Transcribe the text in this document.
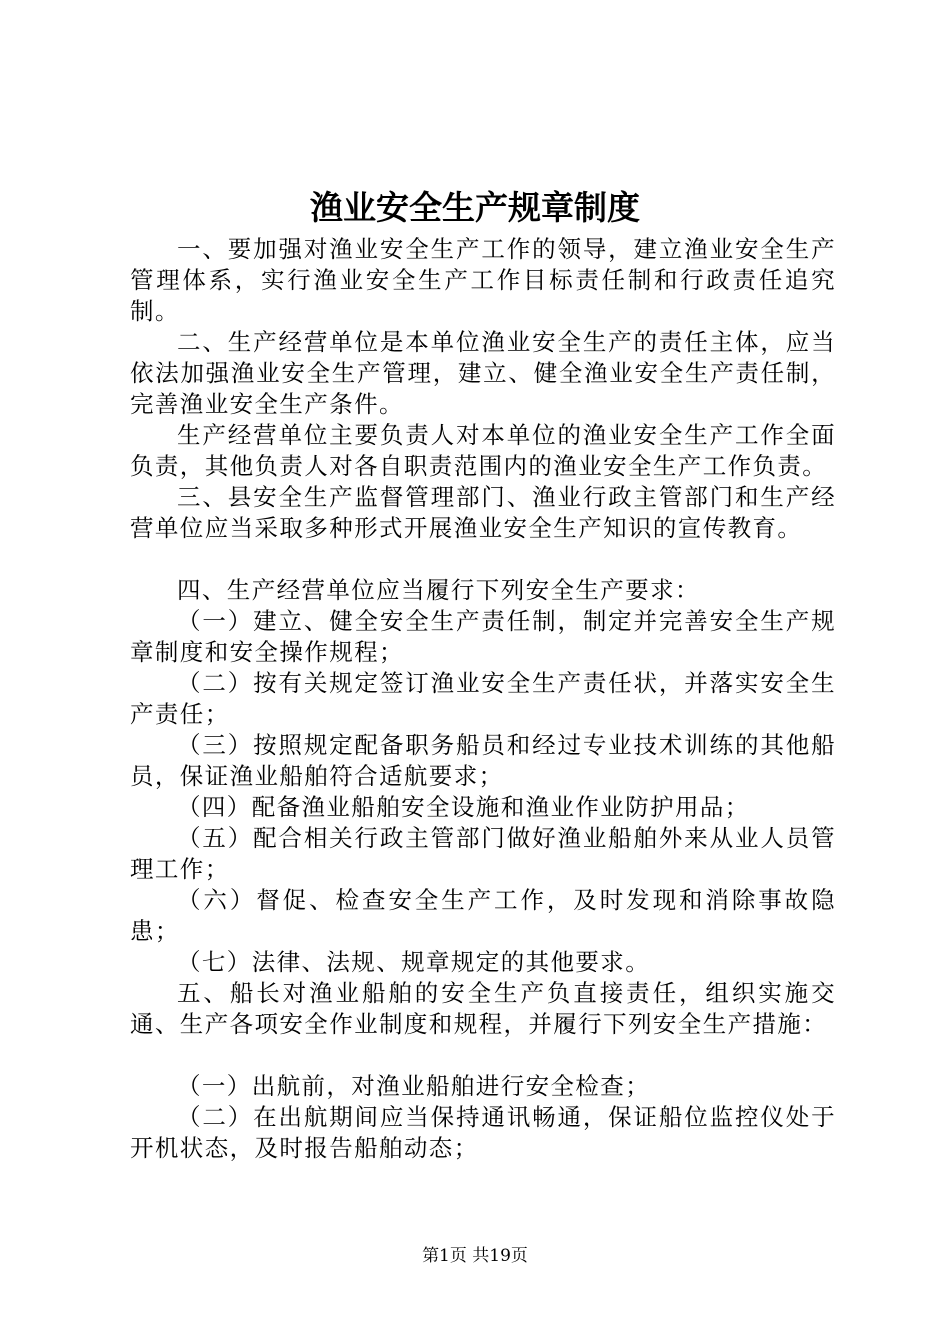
渔业安全生产规章制度

一、要加强对渔业安全生产工作的领导，建立渔业安全生产管理体系，实行渔业安全生产工作目标责任制和行政责任追究制。

二、生产经营单位是本单位渔业安全生产的责任主体，应当依法加强渔业安全生产管理，建立、健全渔业安全生产责任制，完善渔业安全生产条件。

生产经营单位主要负责人对本单位的渔业安全生产工作全面负责，其他负责人对各自职责范围内的渔业安全生产工作负责。

三、县安全生产监督管理部门、渔业行政主管部门和生产经营单位应当采取多种形式开展渔业安全生产知识的宣传教育。

四、生产经营单位应当履行下列安全生产要求：

（一）建立、健全安全生产责任制，制定并完善安全生产规章制度和安全操作规程；

（二）按有关规定签订渔业安全生产责任状，并落实安全生产责任；

（三）按照规定配备职务船员和经过专业技术训练的其他船员，保证渔业船舶符合适航要求；

（四）配备渔业船舶安全设施和渔业作业防护用品；

（五）配合相关行政主管部门做好渔业船舶外来从业人员管理工作；

（六）督促、检查安全生产工作，及时发现和消除事故隐患；

（七）法律、法规、规章规定的其他要求。

五、船长对渔业船舶的安全生产负直接责任，组织实施交通、生产各项安全作业制度和规程，并履行下列安全生产措施：

（一）出航前，对渔业船舶进行安全检查；

（二）在出航期间应当保持通讯畅通，保证船位监控仪处于开机状态，及时报告船舶动态；

第1页 共19页
